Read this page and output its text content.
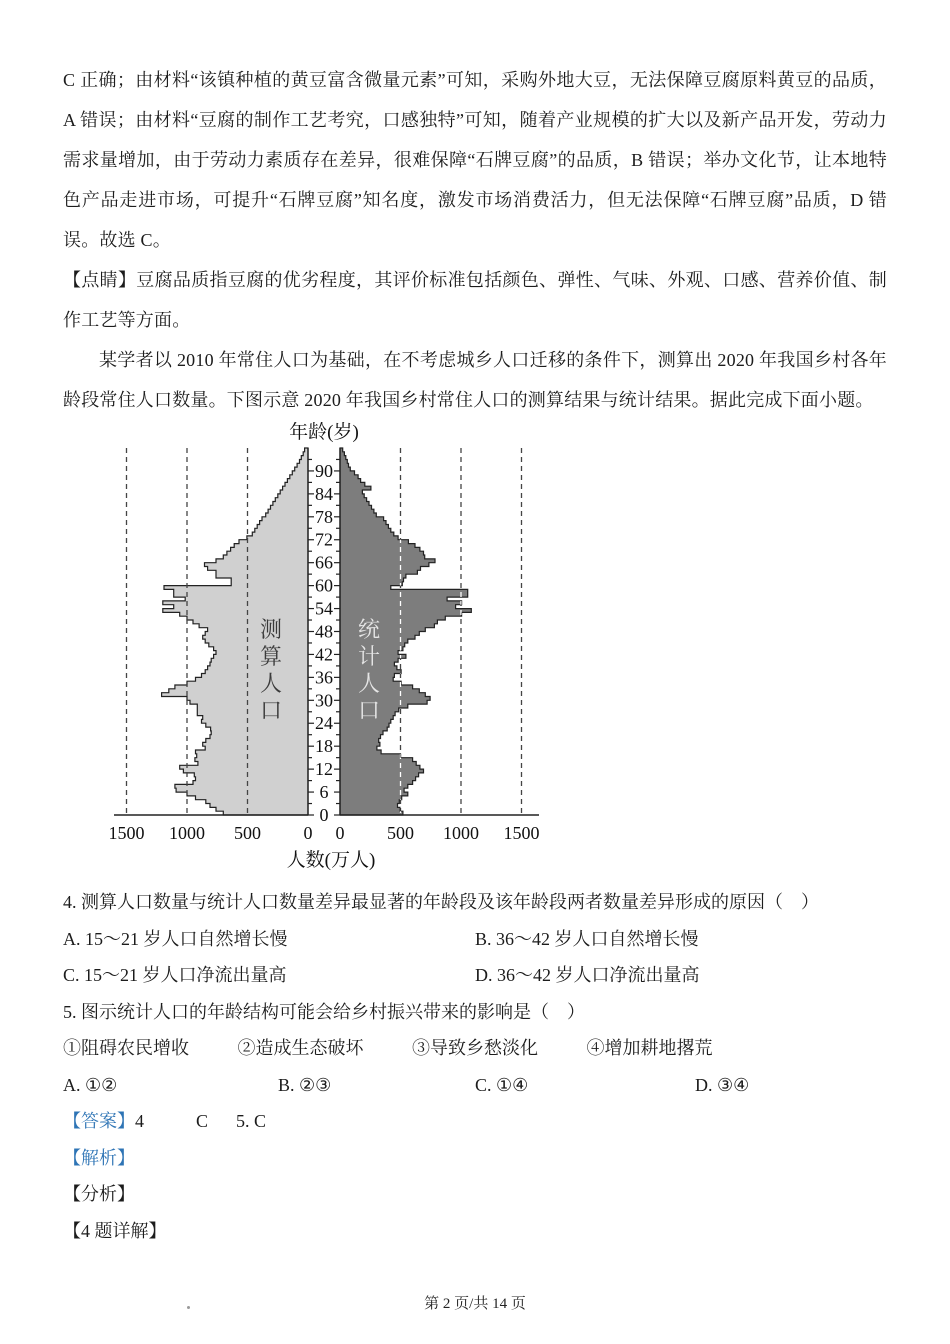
C 正确；由材料“该镇种植的黄豆富含微量元素”可知，采购外地大豆，无法保障豆腐原料黄豆的品质，A 错误；由材料“豆腐的制作工艺考究，口感独特”可知，随着产业规模的扩大以及新产品开发，劳动力需求量增加，由于劳动力素质存在差异，很难保障“石牌豆腐”的品质，B 错误；举办文化节，让本地特色产品走进市场，可提升“石牌豆腐”知名度，激发市场消费活力，但无法保障“石牌豆腐”品质，D 错误。故选 C。

【点睛】豆腐品质指豆腐的优劣程度，其评价标准包括颜色、弹性、气味、外观、口感、营养价值、制作工艺等方面。

某学者以 2010 年常住人口为基础，在不考虑城乡人口迁移的条件下，测算出 2020 年我国乡村各年龄段常住人口数量。下图示意 2020 年我国乡村常住人口的测算结果与统计结果。据此完成下面小题。

0
6
12
18
24
30
36
42
48
54
60
66
72
78
84
90
0 0
500	500
1000	1000
1500	1500
年龄(岁)
人数(万人)
测算人口
统计人口

4. 测算人口数量与统计人口数量差异最显著的年龄段及该年龄段两者数量差异形成的原因（　）

A. 15～21 岁人口自然增长慢	B. 36～42 岁人口自然增长慢
C. 15～21 岁人口净流出量高	D. 36～42 岁人口净流出量高

5. 图示统计人口的年龄结构可能会给乡村振兴带来的影响是（　）

①阻碍农民增收	②造成生态破坏	③导致乡愁淡化	④增加耕地撂荒
A. ①②	B. ②③	C. ①④	D. ③④

【答案】4	C 5. C

【解析】

【分析】

【4 题详解】

第 2 页/共 14 页
